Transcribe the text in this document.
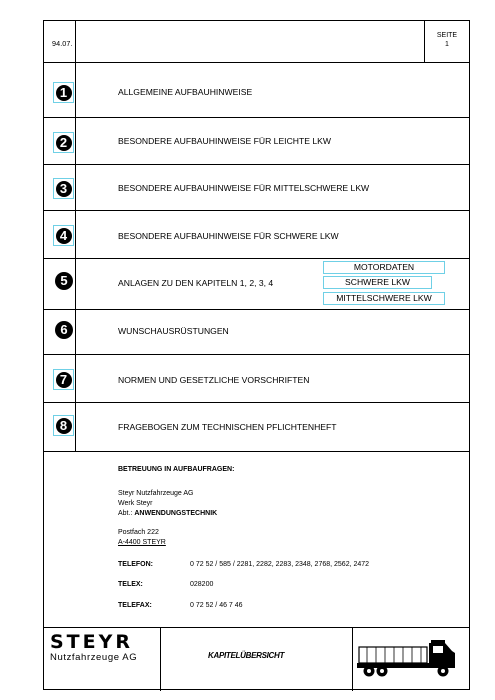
94.07.
SEITE
1
1	ALLGEMEINE AUFBAUHINWEISE
2	BESONDERE AUFBAUHINWEISE FÜR LEICHTE LKW
3	BESONDERE AUFBAUHINWEISE FÜR MITTELSCHWERE LKW
4	BESONDERE AUFBAUHINWEISE FÜR SCHWERE LKW
5	ANLAGEN ZU DEN KAPITELN 1, 2, 3, 4
MOTORDATEN
SCHWERE LKW
MITTELSCHWERE LKW
6	WUNSCHAUSRÜSTUNGEN
7	NORMEN UND GESETZLICHE VORSCHRIFTEN
8	FRAGEBOGEN ZUM TECHNISCHEN PFLICHTENHEFT
BETREUUNG IN AUFBAUFRAGEN:
Steyr Nutzfahrzeuge AG
Werk Steyr
Abt.: ANWENDUNGSTECHNIK
Postfach 222
A-4400 STEYR
TELEFON:	0 72 52 / 585 / 2281, 2282, 2283, 2348, 2768, 2562, 2472
TELEX:	028200
TELEFAX:	0 72 52 / 46 7 46
STEYR
Nutzfahrzeuge AG	KAPITELÜBERSICHT
